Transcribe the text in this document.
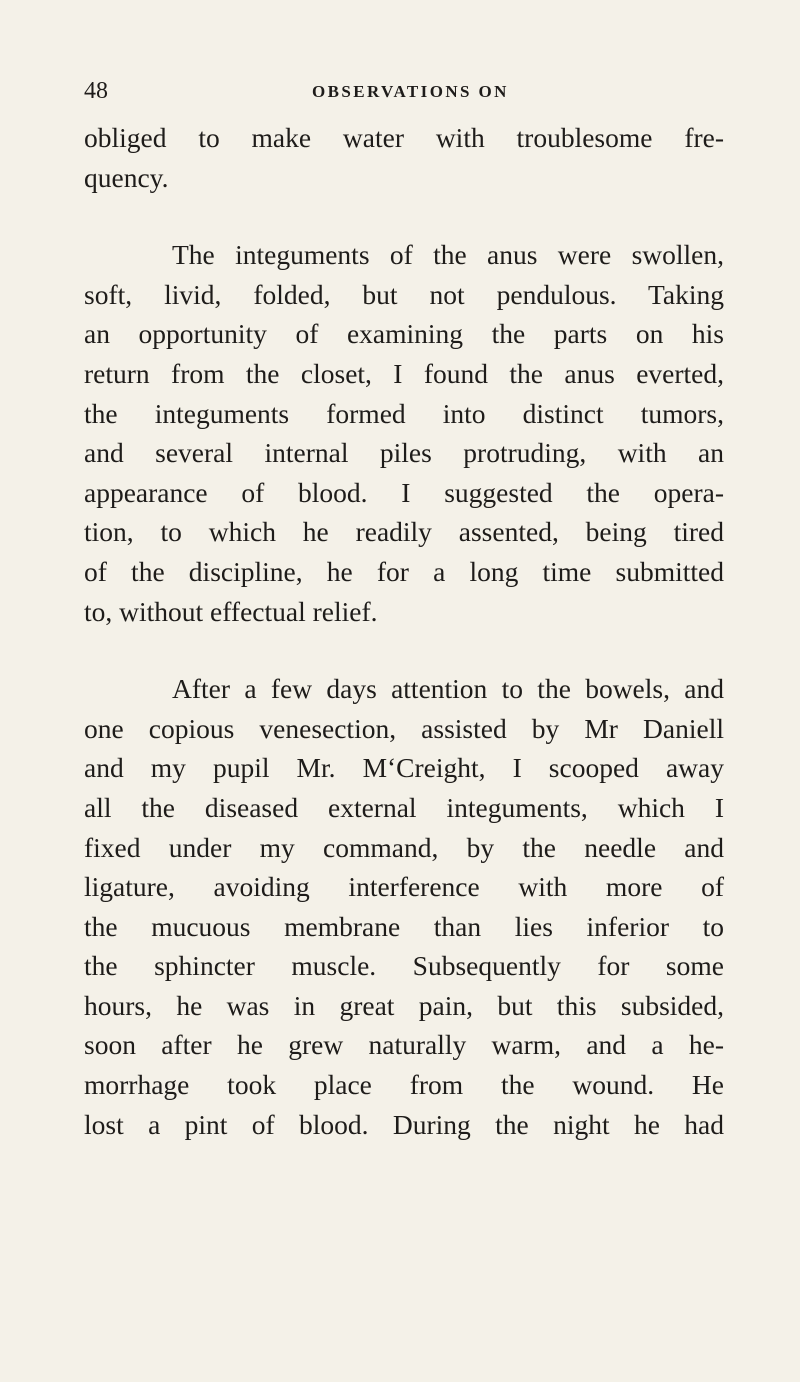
48	OBSERVATIONS ON
obliged to make water with troublesome fre-
quency.
The integuments of the anus were swollen,
soft, livid, folded, but not pendulous. Taking
an opportunity of examining the parts on his
return from the closet, I found the anus everted,
the integuments formed into distinct tumors,
and several internal piles protruding, with an
appearance of blood. I suggested the opera-
tion, to which he readily assented, being tired
of the discipline, he for a long time submitted
to, without effectual relief.
After a few days attention to the bowels, and
one copious venesection, assisted by Mr Daniell
and my pupil Mr. M‘Creight, I scooped away
all the diseased external integuments, which I
fixed under my command, by the needle and
ligature, avoiding interference with more of
the mucuous membrane than lies inferior to
the sphincter muscle. Subsequently for some
hours, he was in great pain, but this subsided,
soon after he grew naturally warm, and a he-
morrhage took place from the wound. He
lost a pint of blood. During the night he had
